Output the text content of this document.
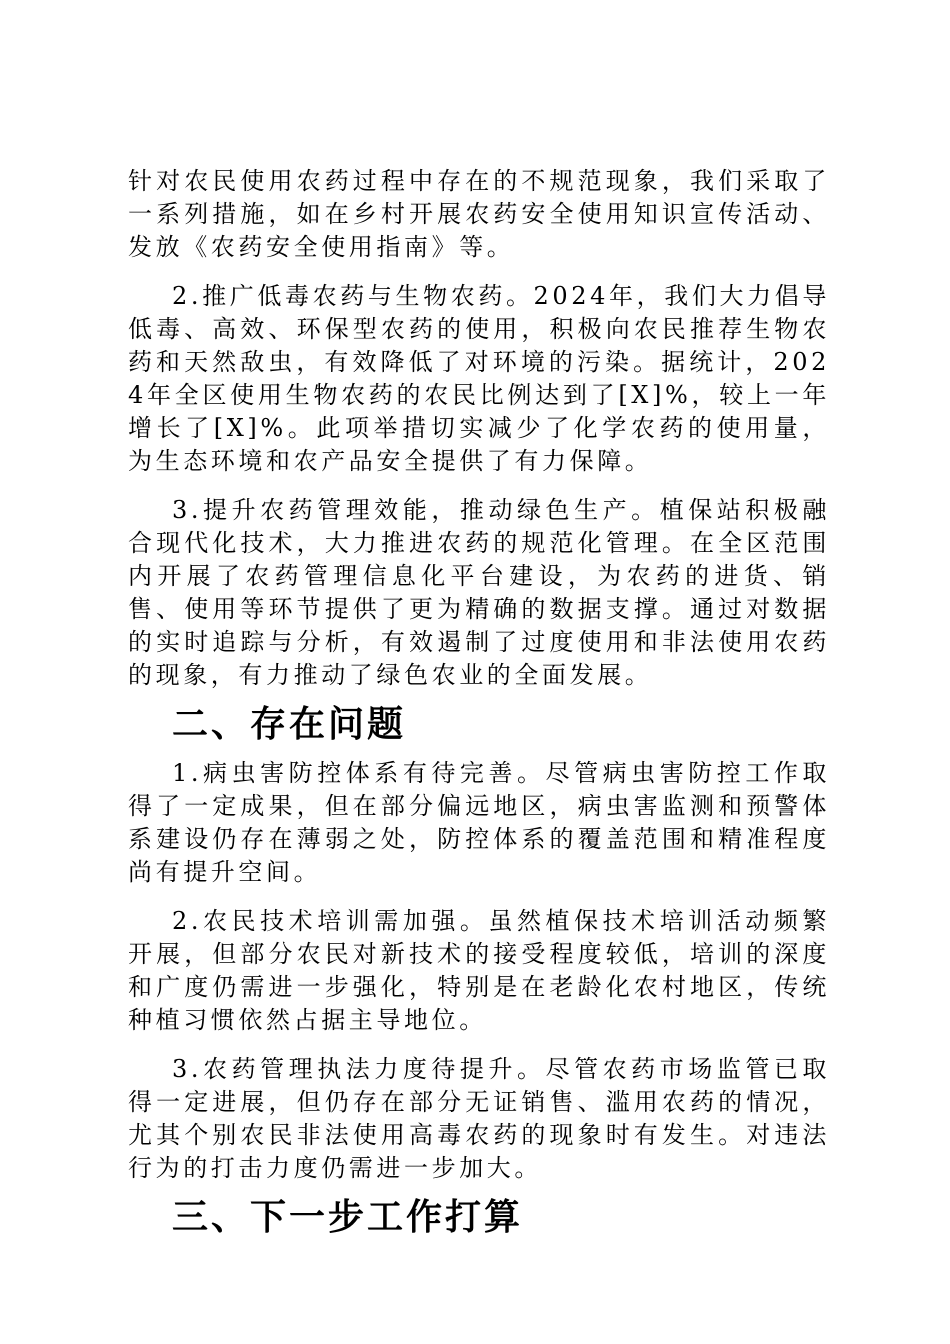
针对农民使用农药过程中存在的不规范现象，我们采取了一系列措施，如在乡村开展农药安全使用知识宣传活动、发放《农药安全使用指南》等。

2.推广低毒农药与生物农药。2024年，我们大力倡导低毒、高效、环保型农药的使用，积极向农民推荐生物农药和天然敌虫，有效降低了对环境的污染。据统计，2024年全区使用生物农药的农民比例达到了[X]%，较上一年增长了[X]%。此项举措切实减少了化学农药的使用量，为生态环境和农产品安全提供了有力保障。

3.提升农药管理效能，推动绿色生产。植保站积极融合现代化技术，大力推进农药的规范化管理。在全区范围内开展了农药管理信息化平台建设，为农药的进货、销售、使用等环节提供了更为精确的数据支撑。通过对数据的实时追踪与分析，有效遏制了过度使用和非法使用农药的现象，有力推动了绿色农业的全面发展。

二、存在问题

1.病虫害防控体系有待完善。尽管病虫害防控工作取得了一定成果，但在部分偏远地区，病虫害监测和预警体系建设仍存在薄弱之处，防控体系的覆盖范围和精准程度尚有提升空间。

2.农民技术培训需加强。虽然植保技术培训活动频繁开展，但部分农民对新技术的接受程度较低，培训的深度和广度仍需进一步强化，特别是在老龄化农村地区，传统种植习惯依然占据主导地位。

3.农药管理执法力度待提升。尽管农药市场监管已取得一定进展，但仍存在部分无证销售、滥用农药的情况，尤其个别农民非法使用高毒农药的现象时有发生。对违法行为的打击力度仍需进一步加大。

三、下一步工作打算
